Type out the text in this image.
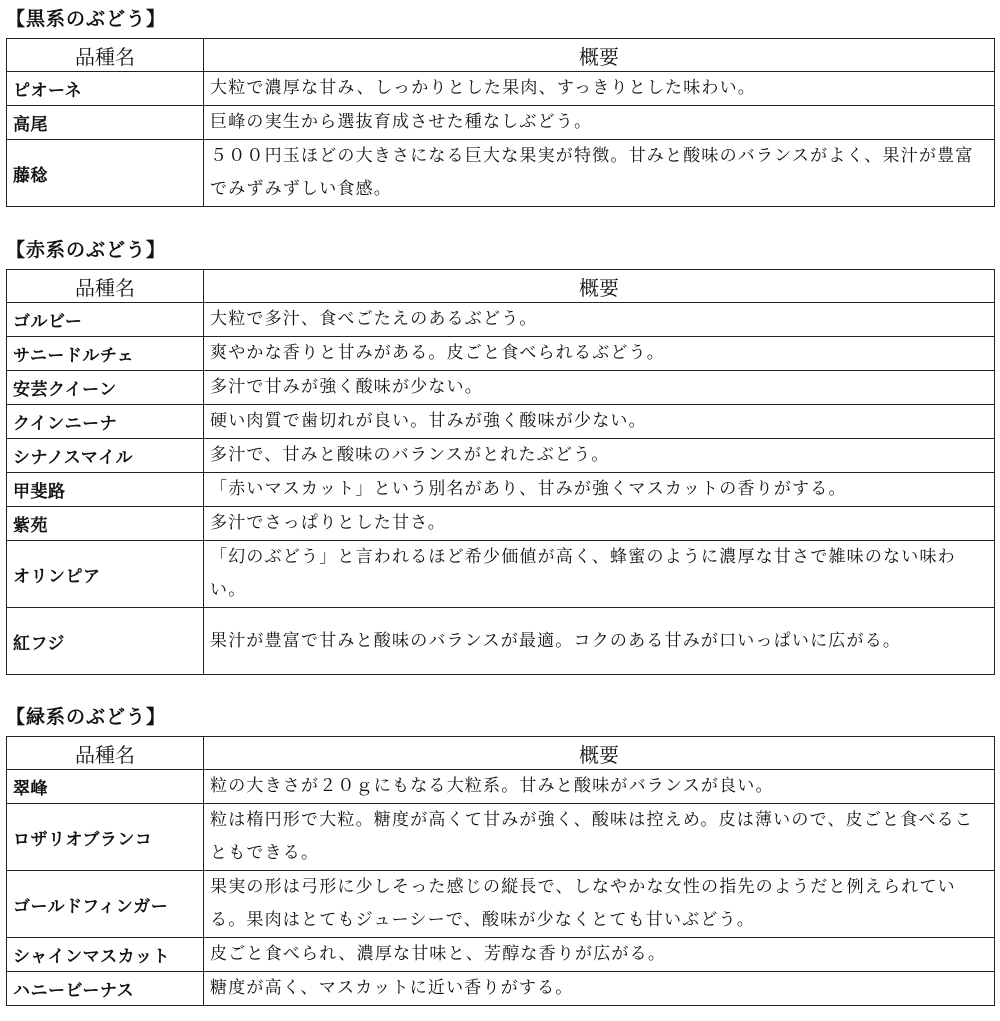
【黒系のぶどう】
品種名	概要
ピオーネ	大粒で濃厚な甘み、しっかりとした果肉、すっきりとした味わい。
高尾	巨峰の実生から選抜育成させた種なしぶどう。
藤稔	５００円玉ほどの大きさになる巨大な果実が特徴。甘みと酸味のバランスがよく、果汁が豊富でみずみずしい食感。
【赤系のぶどう】
品種名	概要
ゴルビー	大粒で多汁、食べごたえのあるぶどう。
サニードルチェ	爽やかな香りと甘みがある。皮ごと食べられるぶどう。
安芸クイーン	多汁で甘みが強く酸味が少ない。
クインニーナ	硬い肉質で歯切れが良い。甘みが強く酸味が少ない。
シナノスマイル	多汁で、甘みと酸味のバランスがとれたぶどう。
甲斐路	「赤いマスカット」という別名があり、甘みが強くマスカットの香りがする。
紫苑	多汁でさっぱりとした甘さ。
オリンピア	「幻のぶどう」と言われるほど希少価値が高く、蜂蜜のように濃厚な甘さで雑味のない味わい。
紅フジ	果汁が豊富で甘みと酸味のバランスが最適。コクのある甘みが口いっぱいに広がる。
【緑系のぶどう】
品種名	概要
翠峰	粒の大きさが２０ｇにもなる大粒系。甘みと酸味がバランスが良い。
ロザリオブランコ	粒は楕円形で大粒。糖度が高くて甘みが強く、酸味は控えめ。皮は薄いので、皮ごと食べることもできる。
ゴールドフィンガー	果実の形は弓形に少しそった感じの縦長で、しなやかな女性の指先のようだと例えられている。果肉はとてもジューシーで、酸味が少なくとても甘いぶどう。
シャインマスカット	皮ごと食べられ、濃厚な甘味と、芳醇な香りが広がる。
ハニービーナス	糖度が高く、マスカットに近い香りがする。
